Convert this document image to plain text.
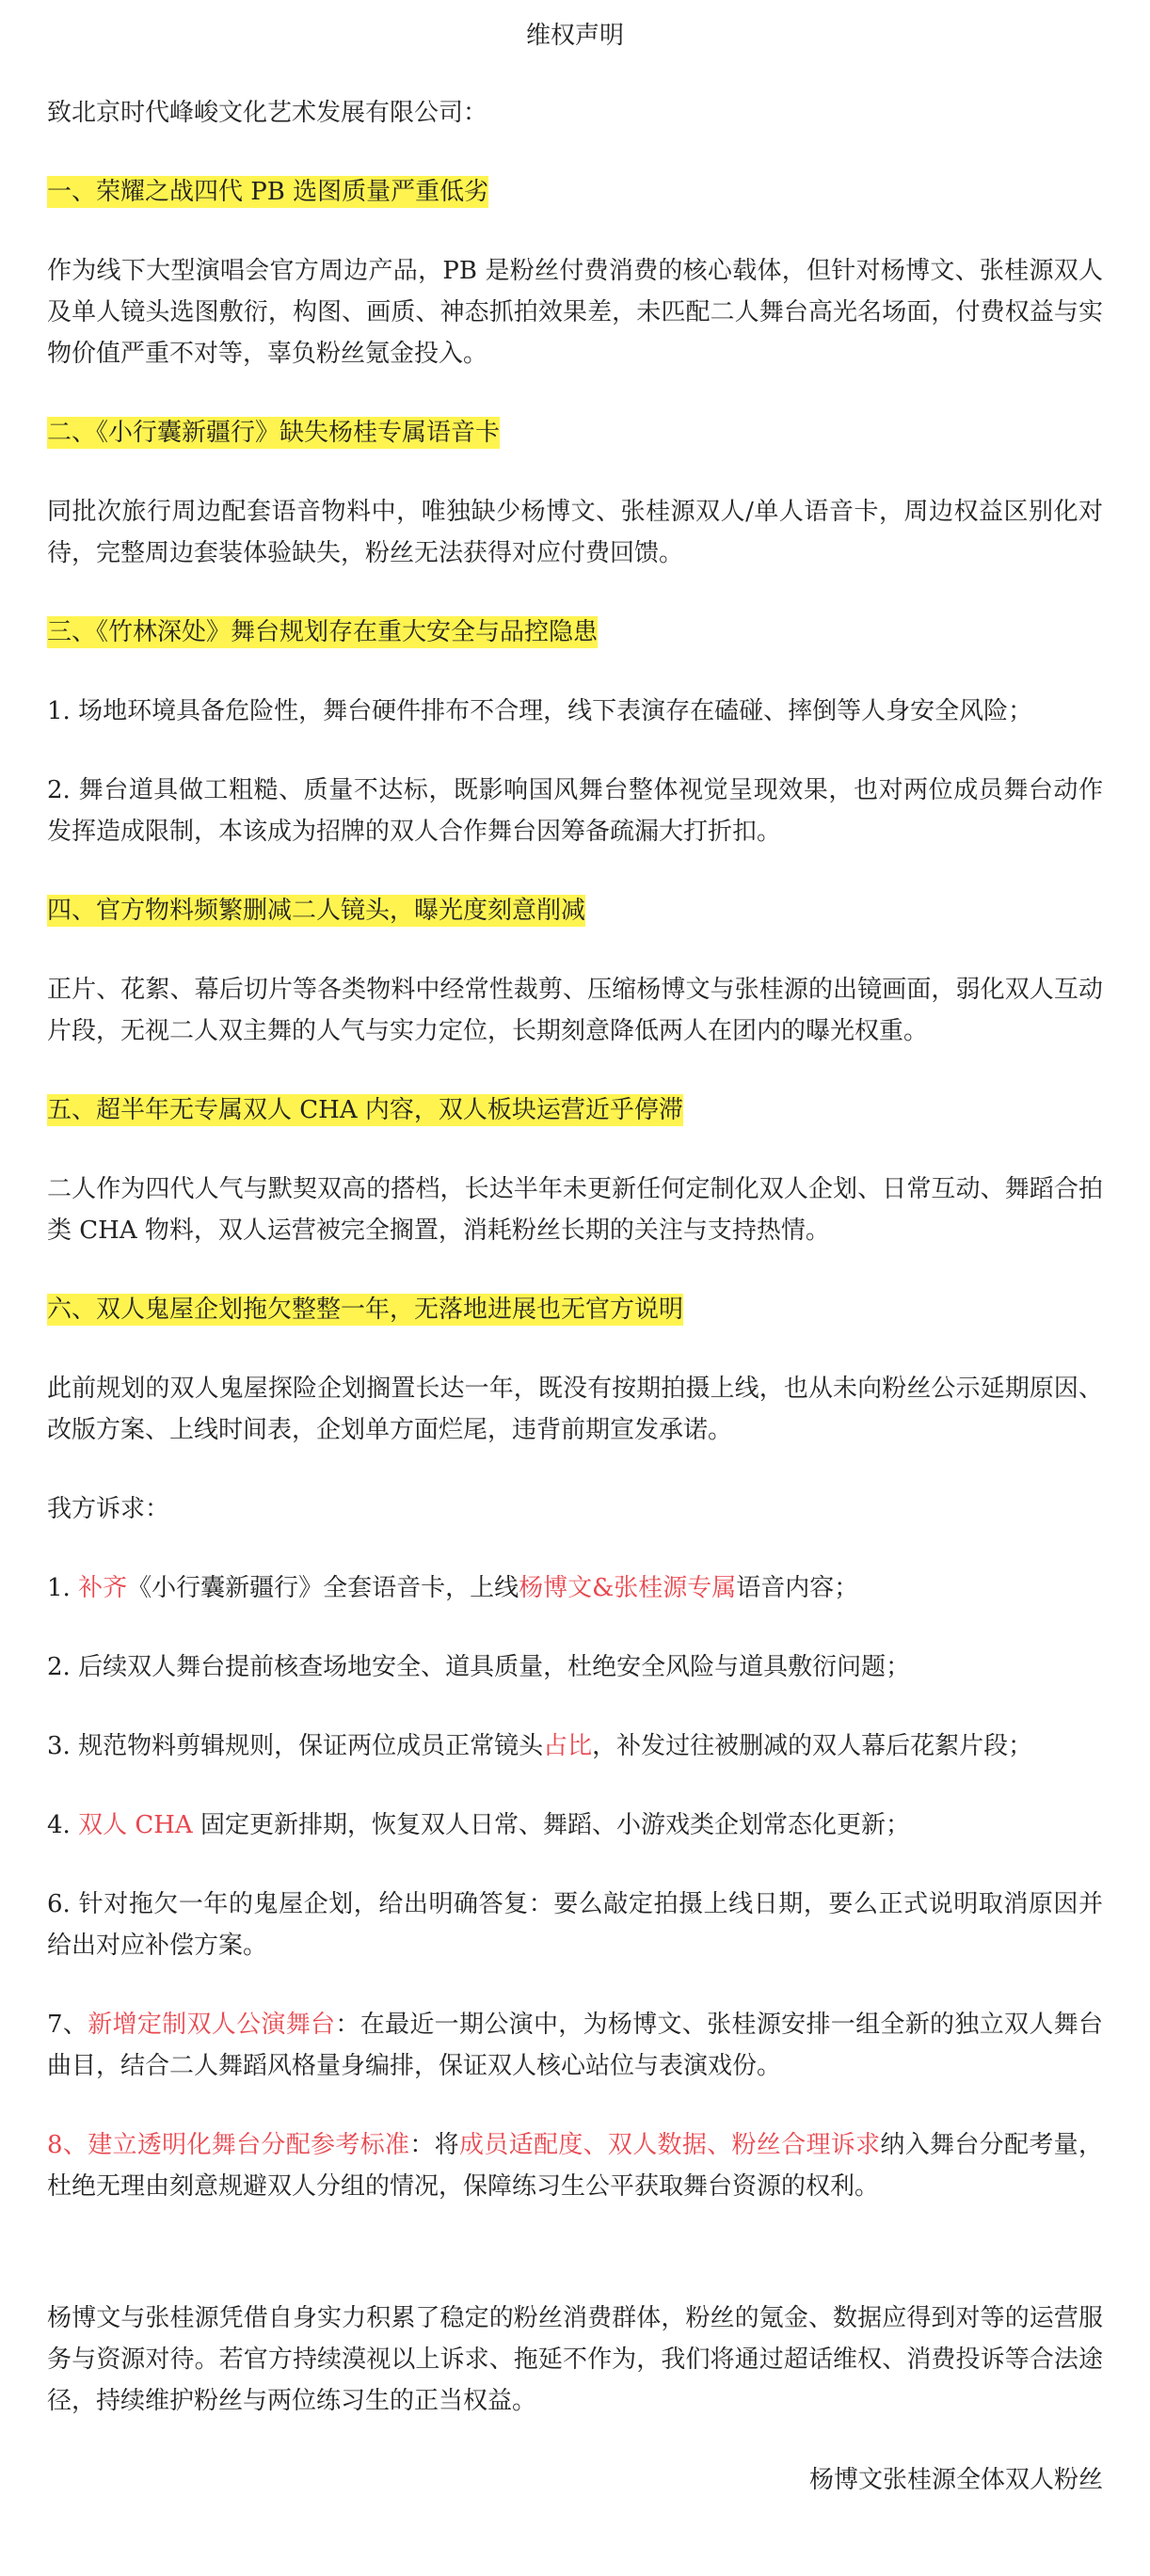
维权声明

致北京时代峰峻文化艺术发展有限公司：

一、荣耀之战四代 PB 选图质量严重低劣

作为线下大型演唱会官方周边产品，PB 是粉丝付费消费的核心载体，但针对杨博文、张桂源双人及单人镜头选图敷衍，构图、画质、神态抓拍效果差，未匹配二人舞台高光名场面，付费权益与实物价值严重不对等，辜负粉丝氪金投入。

二、《小行囊新疆行》缺失杨桂专属语音卡

同批次旅行周边配套语音物料中，唯独缺少杨博文、张桂源双人/单人语音卡，周边权益区别化对待，完整周边套装体验缺失，粉丝无法获得对应付费回馈。

三、《竹林深处》舞台规划存在重大安全与品控隐患

1. 场地环境具备危险性，舞台硬件排布不合理，线下表演存在磕碰、摔倒等人身安全风险；

2. 舞台道具做工粗糙、质量不达标，既影响国风舞台整体视觉呈现效果，也对两位成员舞台动作发挥造成限制，本该成为招牌的双人合作舞台因筹备疏漏大打折扣。

四、官方物料频繁删减二人镜头，曝光度刻意削减

正片、花絮、幕后切片等各类物料中经常性裁剪、压缩杨博文与张桂源的出镜画面，弱化双人互动片段，无视二人双主舞的人气与实力定位，长期刻意降低两人在团内的曝光权重。

五、超半年无专属双人 CHA 内容，双人板块运营近乎停滞

二人作为四代人气与默契双高的搭档，长达半年未更新任何定制化双人企划、日常互动、舞蹈合拍类 CHA 物料，双人运营被完全搁置，消耗粉丝长期的关注与支持热情。

六、双人鬼屋企划拖欠整整一年，无落地进展也无官方说明

此前规划的双人鬼屋探险企划搁置长达一年，既没有按期拍摄上线，也从未向粉丝公示延期原因、改版方案、上线时间表，企划单方面烂尾，违背前期宣发承诺。

我方诉求：

1. 补齐《小行囊新疆行》全套语音卡，上线杨博文&张桂源专属语音内容；

2. 后续双人舞台提前核查场地安全、道具质量，杜绝安全风险与道具敷衍问题；

3. 规范物料剪辑规则，保证两位成员正常镜头占比，补发过往被删减的双人幕后花絮片段；

4. 双人 CHA 固定更新排期，恢复双人日常、舞蹈、小游戏类企划常态化更新；

6. 针对拖欠一年的鬼屋企划，给出明确答复：要么敲定拍摄上线日期，要么正式说明取消原因并给出对应补偿方案。

7、新增定制双人公演舞台：在最近一期公演中，为杨博文、张桂源安排一组全新的独立双人舞台曲目，结合二人舞蹈风格量身编排，保证双人核心站位与表演戏份。

8、建立透明化舞台分配参考标准：将成员适配度、双人数据、粉丝合理诉求纳入舞台分配考量，杜绝无理由刻意规避双人分组的情况，保障练习生公平获取舞台资源的权利。

杨博文与张桂源凭借自身实力积累了稳定的粉丝消费群体，粉丝的氪金、数据应得到对等的运营服务与资源对待。若官方持续漠视以上诉求、拖延不作为，我们将通过超话维权、消费投诉等合法途径，持续维护粉丝与两位练习生的正当权益。

杨博文张桂源全体双人粉丝
